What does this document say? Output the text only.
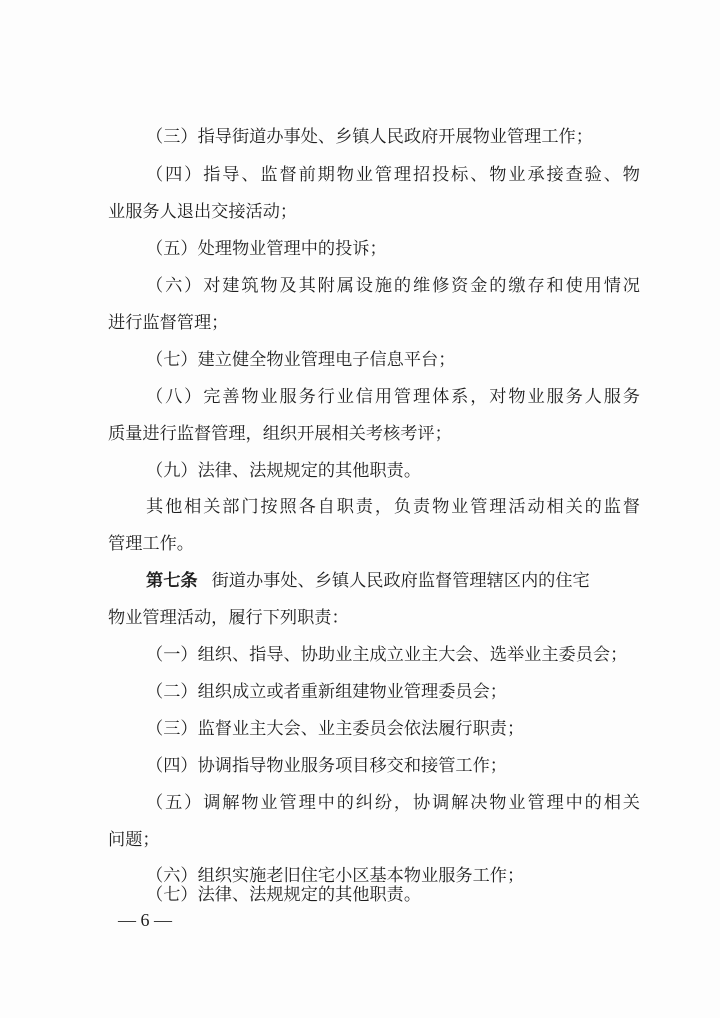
（三）指导街道办事处、乡镇人民政府开展物业管理工作；
（四）指导、监督前期物业管理招投标、物业承接查验、物
业服务人退出交接活动；
（五）处理物业管理中的投诉；
（六）对建筑物及其附属设施的维修资金的缴存和使用情况
进行监督管理；
（七）建立健全物业管理电子信息平台；
（八）完善物业服务行业信用管理体系，对物业服务人服务
质量进行监督管理，组织开展相关考核考评；
（九）法律、法规规定的其他职责。
其他相关部门按照各自职责，负责物业管理活动相关的监督
管理工作。
第七条 街道办事处、乡镇人民政府监督管理辖区内的住宅
物业管理活动，履行下列职责：
（一）组织、指导、协助业主成立业主大会、选举业主委员会；
（二）组织成立或者重新组建物业管理委员会；
（三）监督业主大会、业主委员会依法履行职责；
（四）协调指导物业服务项目移交和接管工作；
（五）调解物业管理中的纠纷，协调解决物业管理中的相关
问题；
（六）组织实施老旧住宅小区基本物业服务工作；
（七）法律、法规规定的其他职责。
— 6 —
